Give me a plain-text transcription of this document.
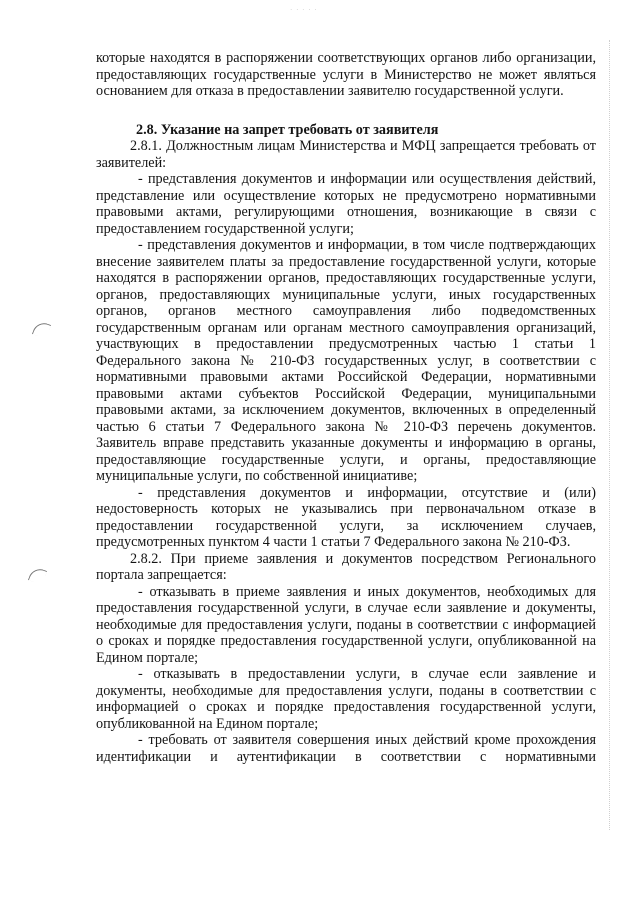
· · · · ·

которые находятся в распоряжении соответствующих органов либо организации, предоставляющих государственные услуги в Министерство не может являться основанием для отказа в предоставлении заявителю государственной услуги.

2.8. Указание на запрет требовать от заявителя

2.8.1. Должностным лицам Министерства и МФЦ запрещается требовать от заявителей:

- представления документов и информации или осуществления действий, представление или осуществление которых не предусмотрено нормативными правовыми актами, регулирующими отношения, возникающие в связи с предоставлением государственной услуги;

- представления документов и информации, в том числе подтверждающих внесение заявителем платы за предоставление государственной услуги, которые находятся в распоряжении органов, предоставляющих государственные услуги, органов, предоставляющих муниципальные услуги, иных государственных органов, органов местного самоуправления либо подведомственных государственным органам или органам местного самоуправления организаций, участвующих в предоставлении предусмотренных частью 1 статьи 1 Федерального закона № 210-ФЗ государственных услуг, в соответствии с нормативными правовыми актами Российской Федерации, нормативными правовыми актами субъектов Российской Федерации, муниципальными правовыми актами, за исключением документов, включенных в определенный частью 6 статьи 7 Федерального закона № 210-ФЗ перечень документов. Заявитель вправе представить указанные документы и информацию в органы, предоставляющие государственные услуги, и органы, предоставляющие муниципальные услуги, по собственной инициативе;

- представления документов и информации, отсутствие и (или) недостоверность которых не указывались при первоначальном отказе в предоставлении государственной услуги, за исключением случаев, предусмотренных пунктом 4 части 1 статьи 7 Федерального закона № 210-ФЗ.

2.8.2. При приеме заявления и документов посредством Регионального портала запрещается:

- отказывать в приеме заявления и иных документов, необходимых для предоставления государственной услуги, в случае если заявление и документы, необходимые для предоставления услуги, поданы в соответствии с информацией о сроках и порядке предоставления государственной услуги, опубликованной на Едином портале;

- отказывать в предоставлении услуги, в случае если заявление и документы, необходимые для предоставления услуги, поданы в соответствии с информацией о сроках и порядке предоставления государственной услуги, опубликованной на Едином портале;

- требовать от заявителя совершения иных действий кроме прохождения идентификации и аутентификации в соответствии с нормативными
